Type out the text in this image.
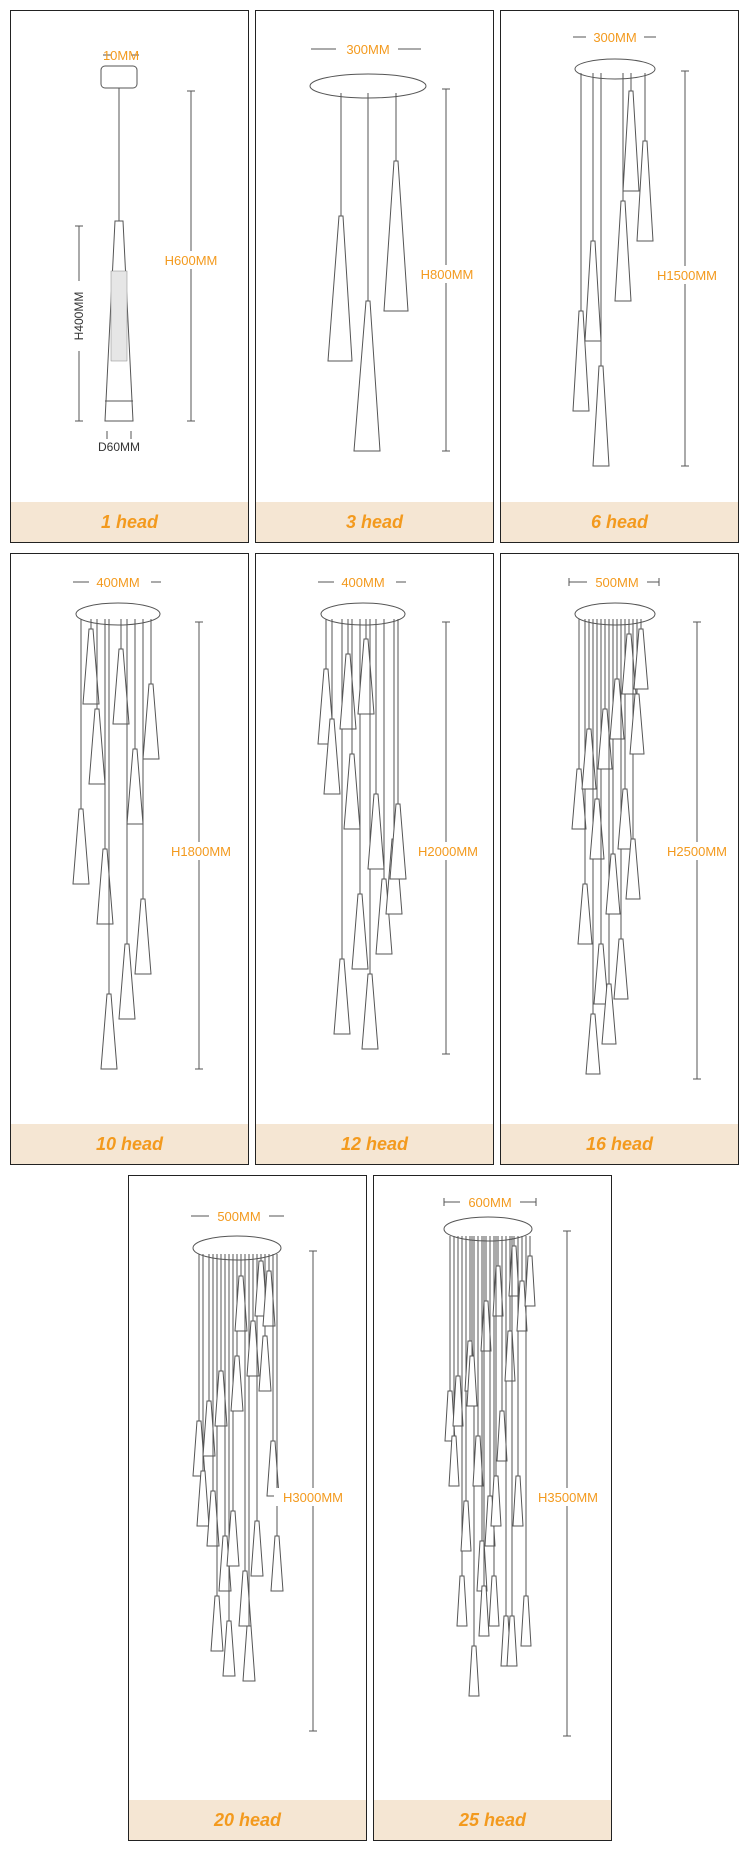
10MM
H600MM
H400MM
D60MM
1 head
300MM
H800MM
3 head
300MM
H1500MM
6 head
400MM
H1800MM
10 head
400MM
H2000MM
12 head
500MM
H2500MM
16 head
500MM
H3000MM
20 head
600MM
H3500MM
25 head
